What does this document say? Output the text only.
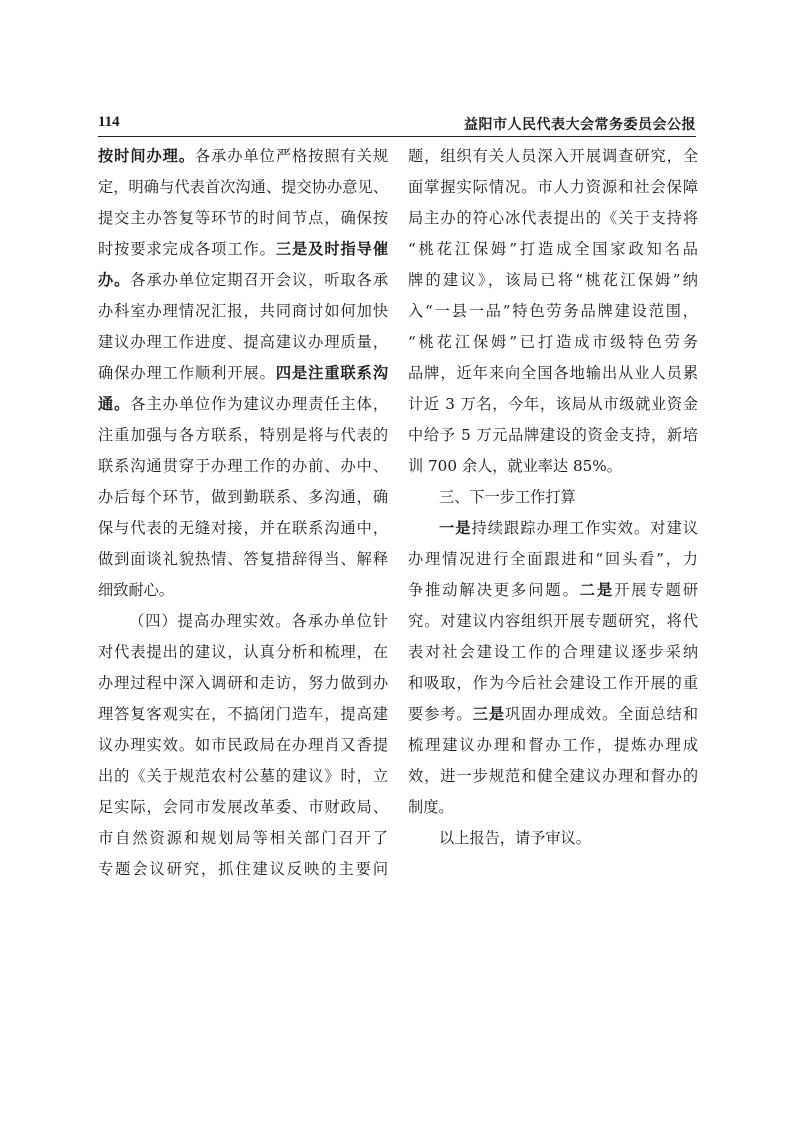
114	益阳市人民代表大会常务委员会公报
按时间办理。各承办单位严格按照有关规
定，明确与代表首次沟通、提交协办意见、
提交主办答复等环节的时间节点，确保按
时按要求完成各项工作。三是及时指导催
办。各承办单位定期召开会议，听取各承
办科室办理情况汇报，共同商讨如何加快
建议办理工作进度、提高建议办理质量，
确保办理工作顺利开展。四是注重联系沟
通。各主办单位作为建议办理责任主体，
注重加强与各方联系，特别是将与代表的
联系沟通贯穿于办理工作的办前、办中、
办后每个环节，做到勤联系、多沟通，确
保与代表的无缝对接，并在联系沟通中，
做到面谈礼貌热情、答复措辞得当、解释
细致耐心。
（四）提高办理实效。各承办单位针
对代表提出的建议，认真分析和梳理，在
办理过程中深入调研和走访，努力做到办
理答复客观实在，不搞闭门造车，提高建
议办理实效。如市民政局在办理肖又香提
出的《关于规范农村公墓的建议》时，立
足实际，会同市发展改革委、市财政局、
市自然资源和规划局等相关部门召开了
专题会议研究，抓住建议反映的主要问
题，组织有关人员深入开展调查研究，全
面掌握实际情况。市人力资源和社会保障
局主办的符心冰代表提出的《关于支持将
“桃花江保姆”打造成全国家政知名品
牌的建议》，该局已将“桃花江保姆”纳
入“一县一品”特色劳务品牌建设范围，
“桃花江保姆”已打造成市级特色劳务
品牌，近年来向全国各地输出从业人员累
计近 3 万名，今年，该局从市级就业资金
中给予 5 万元品牌建设的资金支持，新培
训 700 余人，就业率达 85%。
三、下一步工作打算
一是持续跟踪办理工作实效。对建议
办理情况进行全面跟进和“回头看”，力
争推动解决更多问题。二是开展专题研
究。对建议内容组织开展专题研究，将代
表对社会建设工作的合理建议逐步采纳
和吸取，作为今后社会建设工作开展的重
要参考。三是巩固办理成效。全面总结和
梳理建议办理和督办工作，提炼办理成
效，进一步规范和健全建议办理和督办的
制度。
以上报告，请予审议。
